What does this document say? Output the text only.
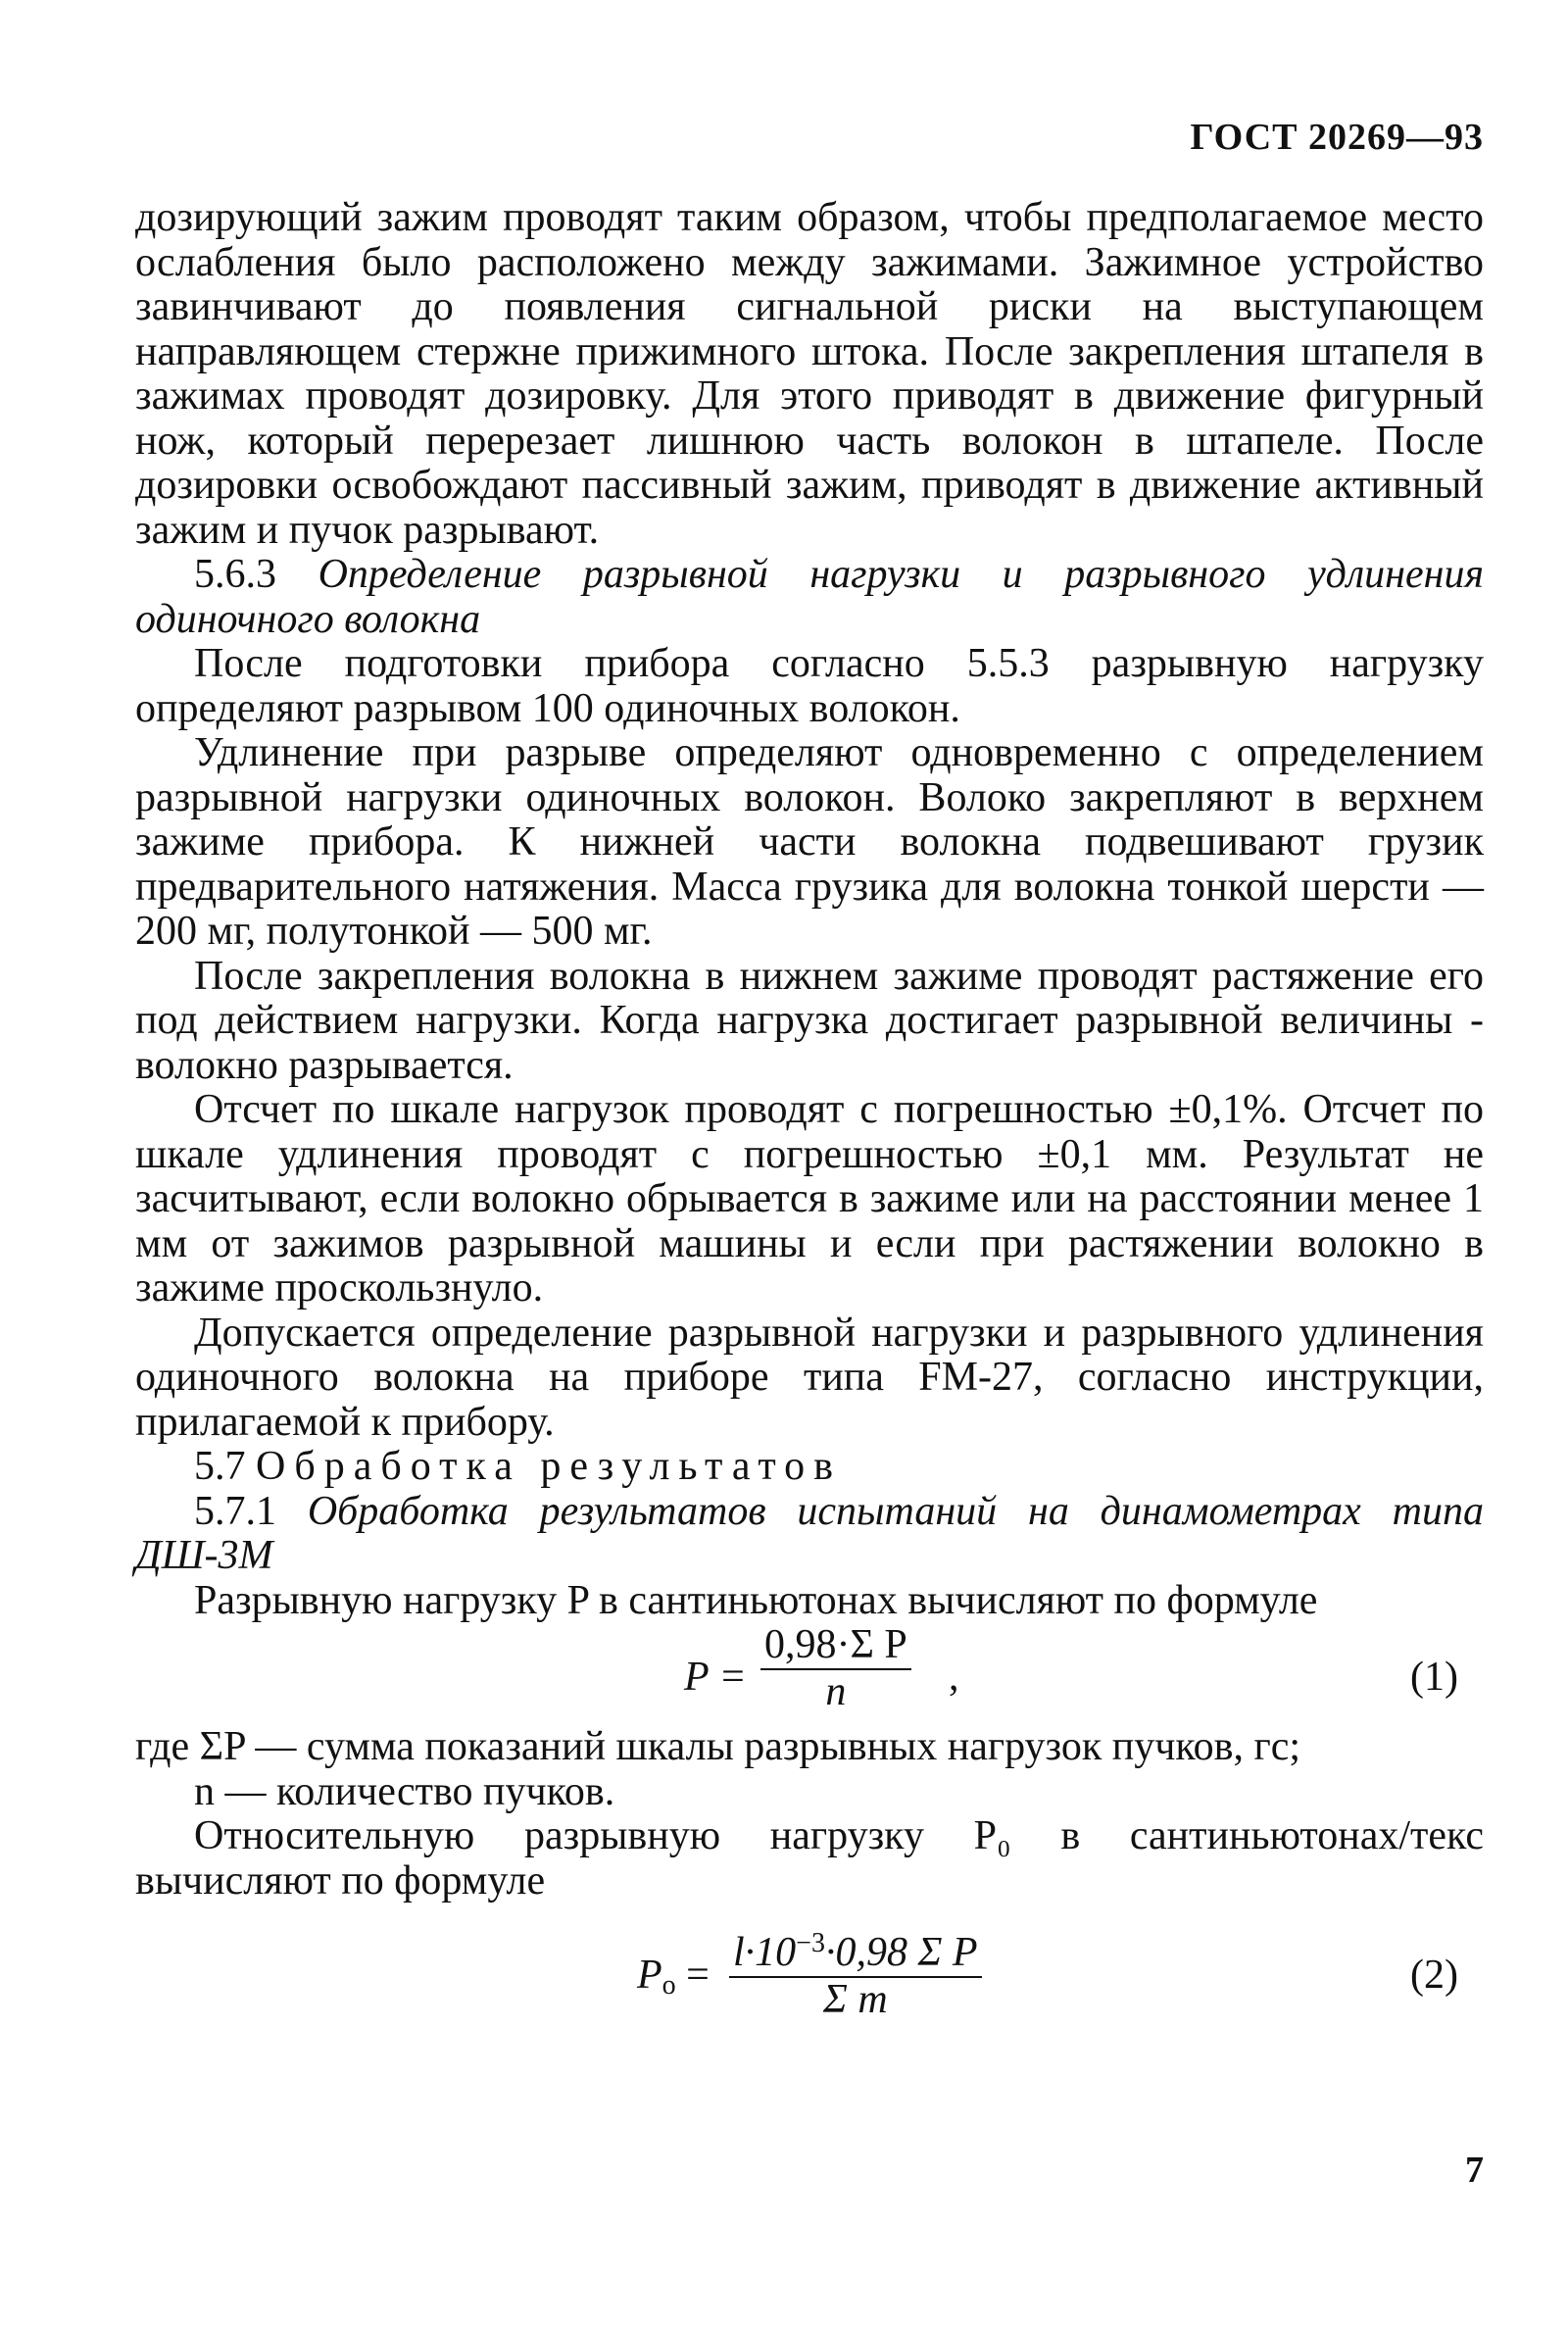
ГОСТ 20269—93

дозирующий зажим проводят таким образом, чтобы предполагаемое место ослабления было расположено между зажимами. Зажимное устройство завинчивают до появления сигнальной риски на выступающем направляющем стержне прижимного штока. После закрепления штапеля в зажимах проводят дозировку. Для этого приводят в движение фигурный нож, который перерезает лишнюю часть волокон в штапеле. После дозировки освобождают пассивный зажим, приводят в движение активный зажим и пучок разрывают.

5.6.3 Определение разрывной нагрузки и разрывного удлинения одиночного волокна

После подготовки прибора согласно 5.5.3 разрывную нагрузку определяют разрывом 100 одиночных волокон.

Удлинение при разрыве определяют одновременно с определением разрывной нагрузки одиночных волокон. Волоко закрепляют в верхнем зажиме прибора. К нижней части волокна подвешивают грузик предварительного натяжения. Масса грузика для волокна тонкой шерсти — 200 мг, полутонкой — 500 мг.

После закрепления волокна в нижнем зажиме проводят растяжение его под действием нагрузки. Когда нагрузка достигает разрывной величины - волокно разрывается.

Отсчет по шкале нагрузок проводят с погрешностью ±0,1%. Отсчет по шкале удлинения проводят с погрешностью ±0,1 мм. Результат не засчитывают, если волокно обрывается в зажиме или на расстоянии менее 1 мм от зажимов разрывной машины и если при растяжении волокно в зажиме проскользнуло.

Допускается определение разрывной нагрузки и разрывного удлинения одиночного волокна на приборе типа FM-27, согласно инструкции, прилагаемой к прибору.

5.7 Обработка результатов

5.7.1 Обработка результатов испытаний на динамометрах типа ДШ-3М

Разрывную нагрузку P в сантиньютонах вычисляют по формуле

P =
0,98·Σ P
n	,	(1)

где ΣP — сумма показаний шкалы разрывных нагрузок пучков, гс;

n — количество пучков.

Относительную разрывную нагрузку P₀ в сантиньютонах/текс вычисляют по формуле

$P_о = l\cdot 10^{-3}\cdot 0,98$ Σ P
Σ m
(2)
7
